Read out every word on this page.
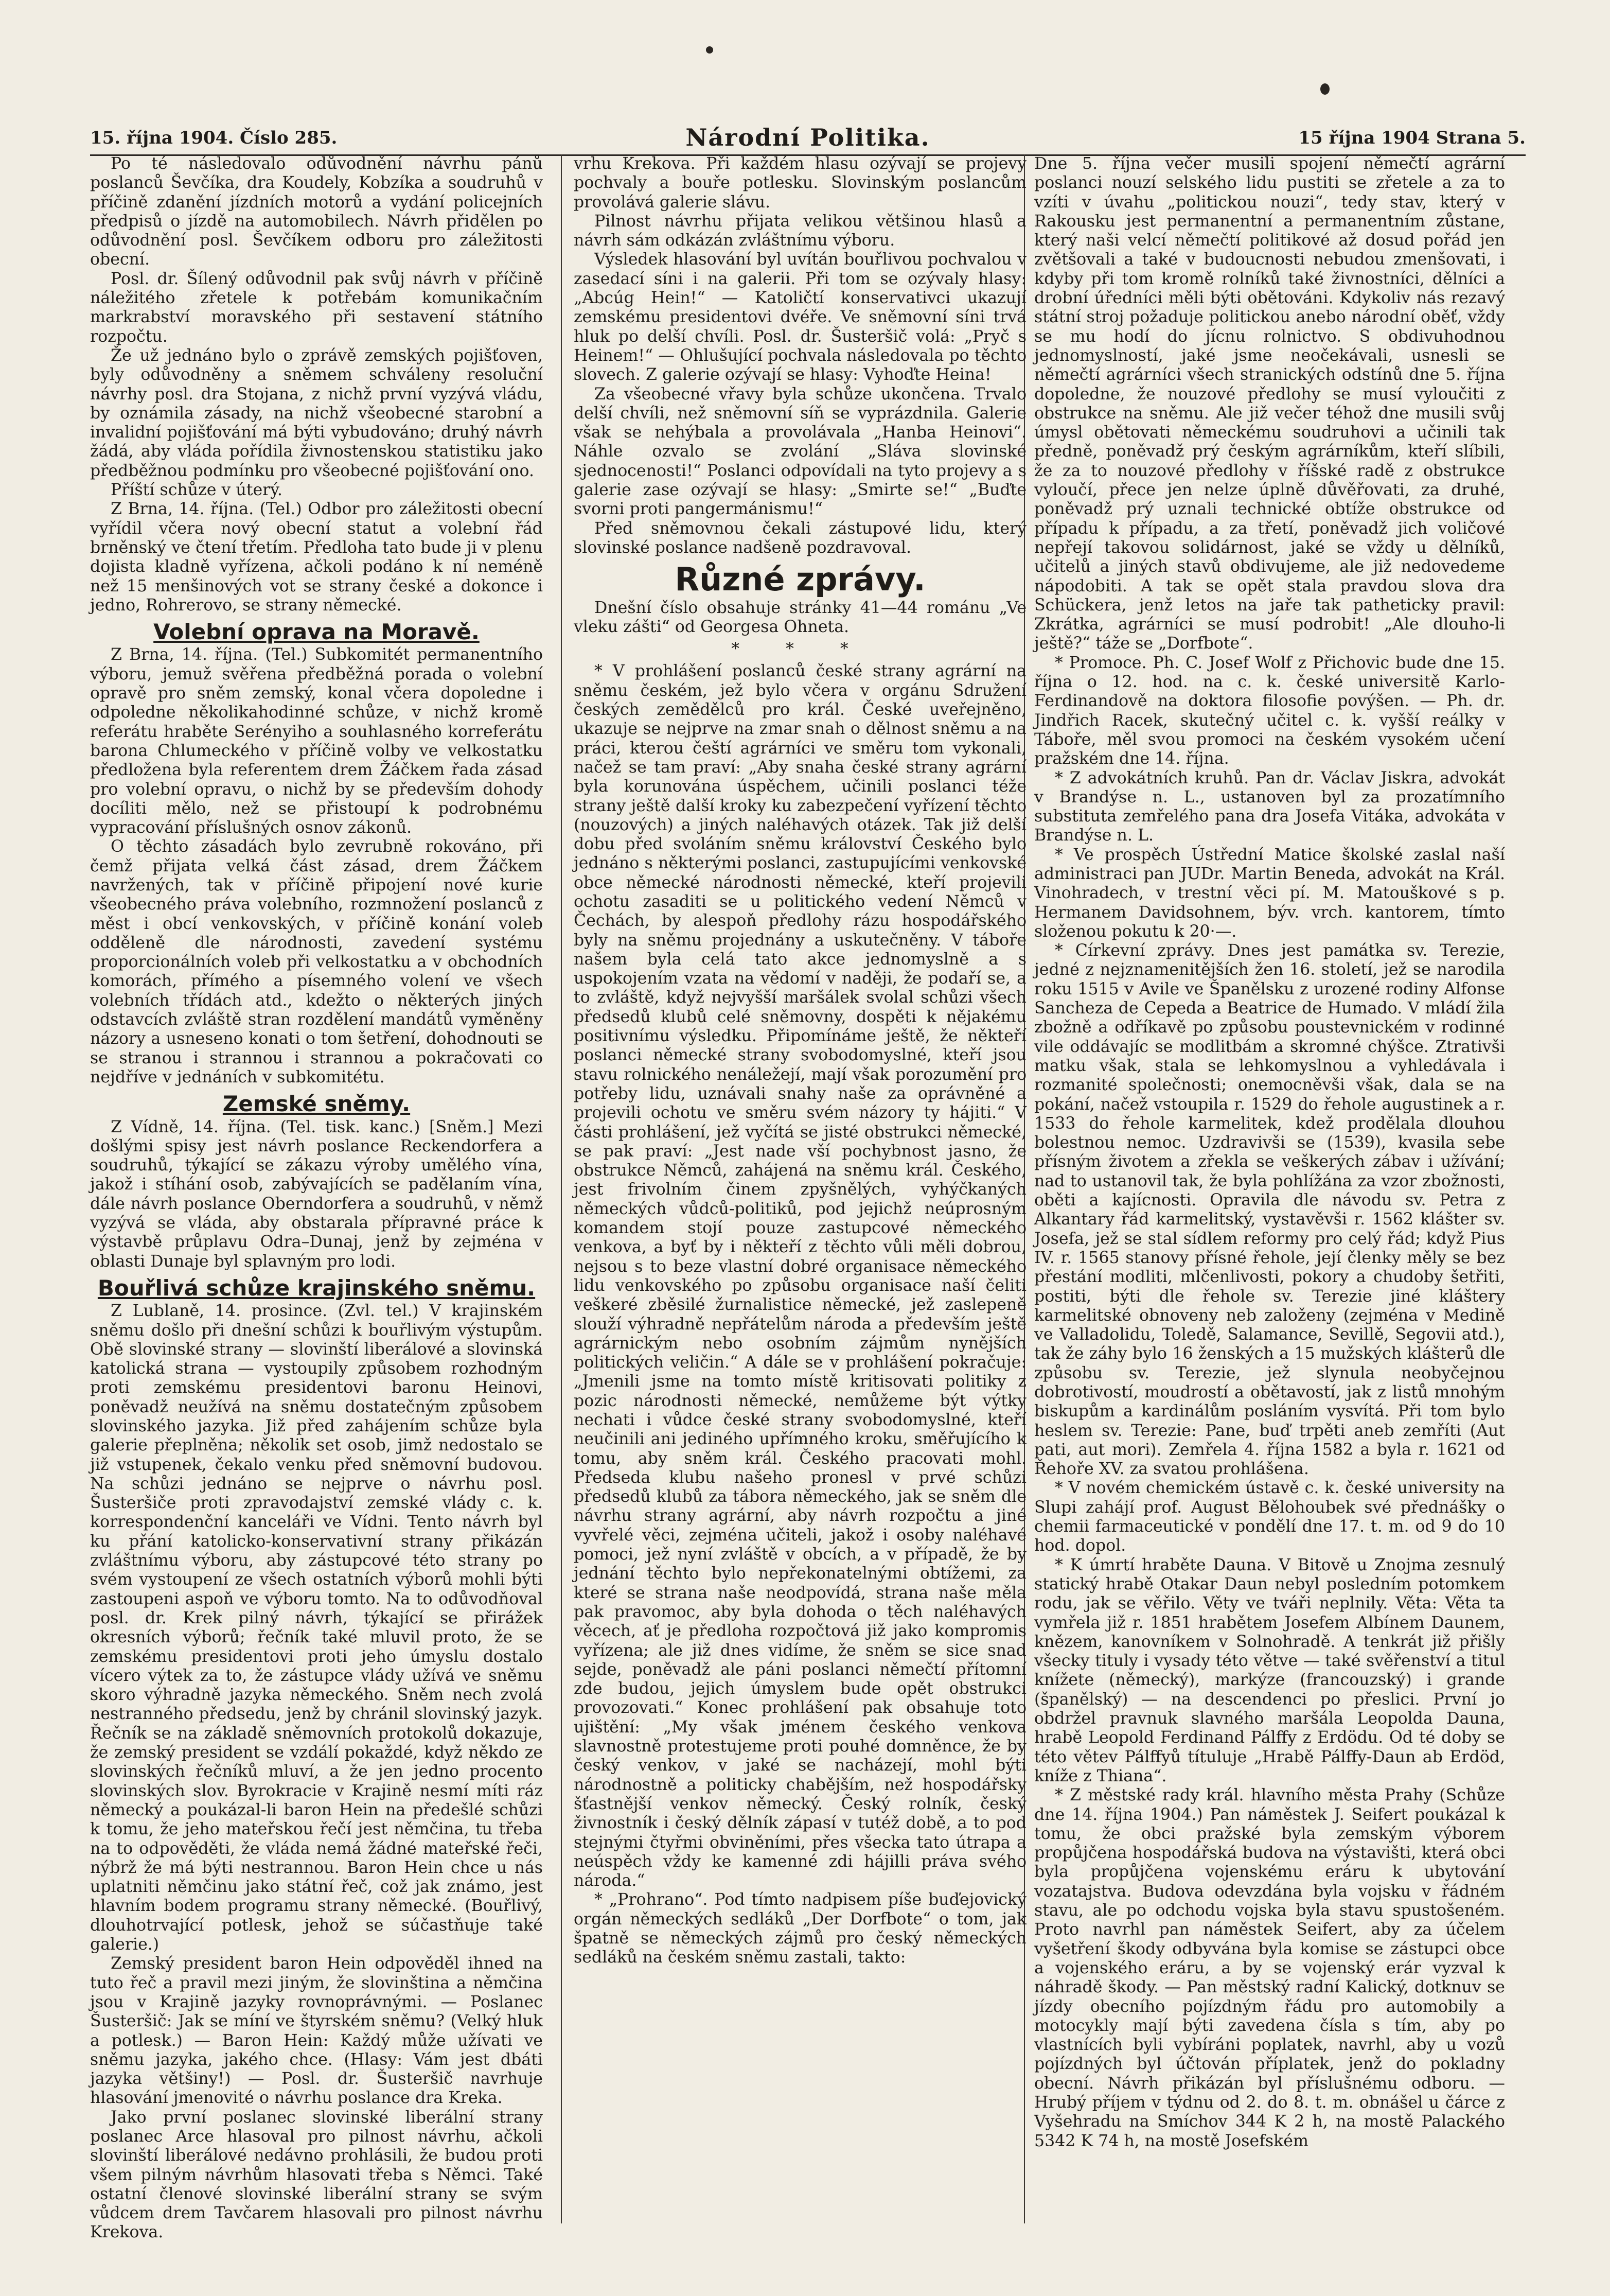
15. října 1904. Číslo 285.	Národní Politika.	15 října 1904 Strana 5.

Po té následovalo odůvodnění návrhu pánů poslanců Ševčíka, dra Koudely, Kobzíka a soudruhů v příčině zdanění jízdních motorů a vydání policejních předpisů o jízdě na automobilech. Návrh přidělen po odůvodnění posl. Ševčíkem odboru pro záležitosti obecní.

Posl. dr. Šílený odůvodnil pak svůj návrh v příčině náležitého zřetele k potřebám komunikačním markrabství moravského při sestavení státního rozpočtu.

Že už jednáno bylo o zprávě zemských pojišťoven, byly odůvodněny a sněmem schváleny resoluční návrhy posl. dra Stojana, z nichž první vyzývá vládu, by oznámila zásady, na nichž všeobecné starobní a invalidní pojišťování má býti vybudováno; druhý návrh žádá, aby vláda pořídila živnostenskou statistiku jako předběžnou podmínku pro všeobecné pojišťování ono.

Příští schůze v úterý.

Z Brna, 14. října. (Tel.) Odbor pro záležitosti obecní vyřídil včera nový obecní statut a volební řád brněnský ve čtení třetím. Předloha tato bude ji v plenu dojista kladně vyřízena, ačkoli podáno k ní neméně než 15 menšinových vot se strany české a dokonce i jedno, Rohrerovo, se strany německé.

Volební oprava na Moravě.

Z Brna, 14. října. (Tel.) Subkomitét permanentního výboru, jemuž svěřena předběžná porada o volební opravě pro sněm zemský, konal včera dopoledne i odpoledne několikahodinné schůze, v nichž kromě referátu hraběte Serényiho a souhlasného korreferátu barona Chlumeckého v příčině volby ve velkostatku předložena byla referentem drem Žáčkem řada zásad pro volební opravu, o nichž by se především dohody docíliti mělo, než se přistoupí k podrobnému vypracování příslušných osnov zákonů.

O těchto zásadách bylo zevrubně rokováno, při čemž přijata velká část zásad, drem Žáčkem navržených, tak v příčině připojení nové kurie všeobecného práva volebního, rozmnožení poslanců z měst i obcí venkovských, v příčině konání voleb odděleně dle národnosti, zavedení systému proporcionálních voleb při velkostatku a v obchodních komorách, přímého a písemného volení ve všech volebních třídách atd., kdežto o některých jiných odstavcích zvláště stran rozdělení mandátů vyměněny názory a usneseno konati o tom šetření, dohodnouti se se stranou i strannou i strannou a pokračovati co nejdříve v jednáních v subkomitétu.

Zemské sněmy.

Z Vídně, 14. října. (Tel. tisk. kanc.) [Sněm.] Mezi došlými spisy jest návrh poslance Reckendorfera a soudruhů, týkající se zákazu výroby umělého vína, jakož i stíhání osob, zabývajících se padělaním vína, dále návrh poslance Oberndorfera a soudruhů, v němž vyzývá se vláda, aby obstarala přípravné práce k výstavbě průplavu Odra–Dunaj, jenž by zejména v oblasti Dunaje byl splavným pro lodi.

Bouřlivá schůze krajinského sněmu.

Z Lublaně, 14. prosince. (Zvl. tel.) V krajinském sněmu došlo při dnešní schůzi k bouřlivým výstupům. Obě slovinské strany — slovinští liberálové a slovinská katolická strana — vystoupily způsobem rozhodným proti zemskému presidentovi baronu Heinovi, poněvadž neužívá na sněmu dostatečným způsobem slovinského jazyka. Již před zahájením schůze byla galerie přeplněna; několik set osob, jimž nedostalo se již vstupenek, čekalo venku před sněmovní budovou. Na schůzi jednáno se nejprve o návrhu posl. Šusteršiče proti zpravodajství zemské vlády c. k. korrespondenční kanceláři ve Vídni. Tento návrh byl ku přání katolicko-konservativní strany přikázán zvláštnímu výboru, aby zástupcové této strany po svém vystoupení ze všech ostatních výborů mohli býti zastoupeni aspoň ve výboru tomto. Na to odůvodňoval posl. dr. Krek pilný návrh, týkající se přirážek okresních výborů; řečník také mluvil proto, že se zemskému presidentovi proti jeho úmyslu dostalo vícero výtek za to, že zástupce vlády užívá ve sněmu skoro výhradně jazyka německého. Sněm nech zvolá nestranného předsedu, jenž by chránil slovinský jazyk. Řečník se na základě sněmovních protokolů dokazuje, že zemský president se vzdálí pokaždé, když někdo ze slovinských řečníků mluví, a že jen jedno procento slovinských slov. Byrokracie v Krajině nesmí míti ráz německý a poukázal-li baron Hein na předešlé schůzi k tomu, že jeho mateřskou řečí jest němčina, tu třeba na to odpověděti, že vláda nemá žádné mateřské řeči, nýbrž že má býti nestrannou. Baron Hein chce u nás uplatniti němčinu jako státní řeč, což jak známo, jest hlavním bodem programu strany německé. (Bouřlivý, dlouhotrvající potlesk, jehož se súčastňuje také galerie.)

Zemský president baron Hein odpověděl ihned na tuto řeč a pravil mezi jiným, že slovinština a němčina jsou v Krajině jazyky rovnoprávnými. — Poslanec Šusteršič: Jak se míní ve štyrském sněmu? (Velký hluk a potlesk.) — Baron Hein: Každý může užívati ve sněmu jazyka, jakého chce. (Hlasy: Vám jest dbáti jazyka většiny!) — Posl. dr. Šusteršič navrhuje hlasování jmenovité o návrhu poslance dra Kreka.

Jako první poslanec slovinské liberální strany poslanec Arce hlasoval pro pilnost návrhu, ačkoli slovinští liberálové nedávno prohlásili, že budou proti všem pilným návrhům hlasovati třeba s Němci. Také ostatní členové slovinské liberální strany se svým vůdcem drem Tavčarem hlasovali pro pilnost návrhu Krekova.

vrhu Krekova. Při každém hlasu ozývají se projevy pochvaly a bouře potlesku. Slovinským poslancům provolává galerie slávu.

Pilnost návrhu přijata velikou většinou hlasů a návrh sám odkázán zvláštnímu výboru.

Výsledek hlasování byl uvítán bouřlivou pochvalou v zasedací síni i na galerii. Při tom se ozývaly hlasy: „Abcúg Hein!“ — Katoličtí konservativci ukazují zemskému presidentovi dvéře. Ve sněmovní síni trvá hluk po delší chvíli. Posl. dr. Šusteršič volá: „Pryč s Heinem!“ — Ohlušující pochvala následovala po těchto slovech. Z galerie ozývají se hlasy: Vyhoďte Heina!

Za všeobecné vřavy byla schůze ukončena. Trvalo delší chvíli, než sněmovní síň se vyprázdnila. Galerie však se nehýbala a provolávala „Hanba Heinovi“. Náhle ozvalo se zvolání „Sláva slovinské sjednocenosti!“ Poslanci odpovídali na tyto projevy a s galerie zase ozývají se hlasy: „Smirte se!“ „Buďte svorni proti pangermánismu!“

Před sněmovnou čekali zástupové lidu, který slovinské poslance nadšeně pozdravoval.

Různé zprávy.

Dnešní číslo obsahuje stránky 41—44 románu „Ve vleku zášti“ od Georgesa Ohneta.

* * *

* V prohlášení poslanců české strany agrární na sněmu českém, jež bylo včera v orgánu Sdružení českých zemědělců pro král. České uveřejněno, ukazuje se nejprve na zmar snah o dělnost sněmu a na práci, kterou čeští agrárníci ve směru tom vykonali, načež se tam praví: „Aby snaha české strany agrární byla korunována úspěchem, učinili poslanci téže strany ještě další kroky ku zabezpečení vyřízení těchto (nouzových) a jiných naléhavých otázek. Tak již delší dobu před svoláním sněmu království Českého bylo jednáno s některými poslanci, zastupujícími venkovské obce německé národnosti německé, kteří projevili ochotu zasaditi se u politického vedení Němců v Čechách, by alespoň předlohy rázu hospodářského byly na sněmu projednány a uskutečněny. V táboře našem byla celá tato akce jednomyslně a s uspokojením vzata na vědomí v naději, že podaří se, a to zvláště, když nejvyšší maršálek svolal schůzi všech předsedů klubů celé sněmovny, dospěti k nějakému positivnímu výsledku. Připomínáme ještě, že někteří poslanci německé strany svobodomyslné, kteří jsou stavu rolnického nenáležejí, mají však porozumění pro potřeby lidu, uznávali snahy naše za oprávněné a projevili ochotu ve směru svém názory ty hájiti.“ V části prohlášení, jež vyčítá se jisté obstrukci německé, se pak praví: „Jest nade vší pochybnost jasno, že obstrukce Němců, zahájená na sněmu král. Českého, jest frivolním činem zpyšnělých, vyhýčkaných německých vůdců-politiků, pod jejichž neúprosným komandem stojí pouze zastupcové německého venkova, a byť by i někteří z těchto vůli měli dobrou, nejsou s to beze vlastní dobré organisace německého lidu venkovského po způsobu organisace naší čeliti veškeré zběsilé žurnalistice německé, jež zaslepeně slouží výhradně nepřátelům národa a především ještě agrárnickým nebo osobním zájmům nynějších politických veličin.“ A dále se v prohlášení pokračuje: „Jmenili jsme na tomto místě kritisovati politiky z pozic národnosti německé, nemůžeme být výtky nechati i vůdce české strany svobodomyslné, kteří neučinili ani jediného upřímného kroku, směřujícího k tomu, aby sněm král. Českého pracovati mohl. Předseda klubu našeho pronesl v prvé schůzi předsedů klubů za tábora německého, jak se sněm dle návrhu strany agrární, aby návrh rozpočtu a jiné vyvřelé věci, zejména učiteli, jakož i osoby naléhavé pomoci, jež nyní zvláště v obcích, a v případě, že by jednání těchto bylo nepřekonatelnými obtížemi, za které se strana naše neodpovídá, strana naše měla pak pravomoc, aby byla dohoda o těch naléhavých věcech, ať je předloha rozpočtová již jako kompromis vyřízena; ale již dnes vidíme, že sněm se sice snad sejde, poněvadž ale páni poslanci němečtí přítomní zde budou, jejich úmyslem bude opět obstrukci provozovati.“ Konec prohlášení pak obsahuje toto ujištění: „My však jménem českého venkova slavnostně protestujeme proti pouhé domněnce, že by český venkov, v jaké se nacházejí, mohl býti národnostně a politicky chabějším, než hospodářsky šťastnější venkov německý. Český rolník, český živnostník i český dělník zápasí v tutéž době, a to pod stejnými čtyřmi obviněními, přes všecka tato útrapa a neúspěch vždy ke kamenné zdi hájilli práva svého národa.“

* „Prohrano“. Pod tímto nadpisem píše buďejovický orgán německých sedláků „Der Dorfbote“ o tom, jak špatně se německých zájmů pro český německých sedláků na českém sněmu zastali, takto:

Dne 5. října večer musili spojení němečtí agrární poslanci nouzí selského lidu pustiti se zřetele a za to vzíti v úvahu „politickou nouzi“, tedy stav, který v Rakousku jest permanentní a permanentním zůstane, který naši velcí němečtí politikové až dosud pořád jen zvětšovali a také v budoucnosti nebudou zmenšovati, i kdyby při tom kromě rolníků také živnostníci, dělníci a drobní úředníci měli býti obětováni. Kdykoliv nás rezavý státní stroj požaduje politickou anebo národní oběť, vždy se mu hodí do jícnu rolnictvo. S obdivuhodnou jednomyslností, jaké jsme neočekávali, usnesli se němečtí agrárníci všech stranických odstínů dne 5. října dopoledne, že nouzové předlohy se musí vyloučiti z obstrukce na sněmu. Ale již večer téhož dne musili svůj úmysl obětovati německému soudruhovi a učinili tak předně, poněvadž prý českým agrárníkům, kteří slíbili, že za to nouzové předlohy v říšské radě z obstrukce vyloučí, přece jen nelze úplně důvěřovati, za druhé, poněvadž prý uznali technické obtíže obstrukce od případu k případu, a za třetí, poněvadž jich voličové nepřejí takovou solidárnost, jaké se vždy u dělníků, učitelů a jiných stavů obdivujeme, ale již nedovedeme nápodobiti. A tak se opět stala pravdou slova dra Schückera, jenž letos na jaře tak patheticky pravil: Zkrátka, agrárníci se musí podrobit! „Ale dlouho-li ještě?“ táže se „Dorfbote“.

* Promoce. Ph. C. Josef Wolf z Přichovic bude dne 15. října o 12. hod. na c. k. české universitě Karlo-Ferdinandově na doktora filosofie povýšen. — Ph. dr. Jindřich Racek, skutečný učitel c. k. vyšší reálky v Táboře, měl svou promoci na českém vysokém učení pražském dne 14. října.

* Z advokátních kruhů. Pan dr. Václav Jiskra, advokát v Brandýse n. L., ustanoven byl za prozatímního substituta zemřelého pana dra Josefa Vitáka, advokáta v Brandýse n. L.

* Ve prospěch Ústřední Matice školské zaslal naší administraci pan JUDr. Martin Beneda, advokát na Král. Vinohradech, v trestní věci pí. M. Matouškové s p. Hermanem Davidsohnem, býv. vrch. kantorem, tímto složenou pokutu k 20·—.

* Církevní zprávy. Dnes jest památka sv. Terezie, jedné z nejznamenitějších žen 16. století, jež se narodila roku 1515 v Avile ve Španělsku z urozené rodiny Alfonse Sancheza de Cepeda a Beatrice de Humado. V mládí žila zbožně a odříkavě po způsobu poustevnickém v rodinné vile oddávajíc se modlitbám a skromné chýšce. Ztrativši matku však, stala se lehkomyslnou a vyhledávala i rozmanité společnosti; onemocněvši však, dala se na pokání, načež vstoupila r. 1529 do řehole augustinek a r. 1533 do řehole karmelitek, kdež prodělala dlouhou bolestnou nemoc. Uzdravivši se (1539), kvasila sebe přísným životem a zřekla se veškerých zábav i užívání; nad to ustanovil tak, že byla pohlížána za vzor zbožnosti, oběti a kajícnosti. Opravila dle návodu sv. Petra z Alkantary řád karmelitský, vystavěvši r. 1562 klášter sv. Josefa, jež se stal sídlem reformy pro celý řád; když Pius IV. r. 1565 stanovy přísné řehole, její členky měly se bez přestání modliti, mlčenlivosti, pokory a chudoby šetřiti, postiti, býti dle řehole sv. Terezie jiné kláštery karmelitské obnoveny neb založeny (zejména v Medině ve Valladolidu, Toledě, Salamance, Sevillě, Segovii atd.), tak že záhy bylo 16 ženských a 15 mužských klášterů dle způsobu sv. Terezie, jež slynula neobyčejnou dobrotivostí, moudrostí a obětavostí, jak z listů mnohým biskupům a kardinálům posláním vysvítá. Při tom bylo heslem sv. Terezie: Pane, buď trpěti aneb zemříti (Aut pati, aut mori). Zemřela 4. října 1582 a byla r. 1621 od Řehoře XV. za svatou prohlášena.

* V novém chemickém ústavě c. k. české university na Slupi zahájí prof. August Bělohoubek své přednášky o chemii farmaceutické v pondělí dne 17. t. m. od 9 do 10 hod. dopol.

* K úmrtí hraběte Dauna. V Bitově u Znojma zesnulý statický hrabě Otakar Daun nebyl posledním potomkem rodu, jak se věřilo. Věty ve tváři neplnily. Věta: Věta ta vymřela již r. 1851 hrabětem Josefem Albínem Daunem, knězem, kanovníkem v Solnohradě. A tenkrát již přišly všecky tituly i vysady této větve — také svěřenství a titul knížete (německý), markýze (francouzský) i grande (španělský) — na descendenci po přeslici. První jo obdržel pravnuk slavného maršála Leopolda Dauna, hrabě Leopold Ferdinand Pálffy z Erdödu. Od té doby se této větev Pálffyů títuluje „Hrabě Pálffy-Daun ab Erdöd, kníže z Thiana“.

* Z městské rady král. hlavního města Prahy (Schůze dne 14. října 1904.) Pan náměstek J. Seifert poukázal k tomu, že obci pražské byla zemským výborem propůjčena hospodářská budova na výstavišti, která obci byla propůjčena vojenskému eráru k ubytování vozatajstva. Budova odevzdána byla vojsku v řádném stavu, ale po odchodu vojska byla stavu spustošeném. Proto navrhl pan náměstek Seifert, aby za účelem vyšetření škody odbyvána byla komise se zástupci obce a vojenského eráru, a by se vojenský erár vyzval k náhradě škody. — Pan městský radní Kalický, dotknuv se jízdy obecního pojízdným řádu pro automobily a motocykly mají býti zavedena čísla s tím, aby po vlastnících byli vybíráni poplatek, navrhl, aby u vozů pojízdných byl účtován příplatek, jenž do pokladny obecní. Návrh přikázán byl příslušnému odboru. — Hrubý příjem v týdnu od 2. do 8. t. m. obnášel u čárce z Vyšehradu na Smíchov 344 K 2 h, na mostě Palackého 5342 K 74 h, na mostě Josefském
